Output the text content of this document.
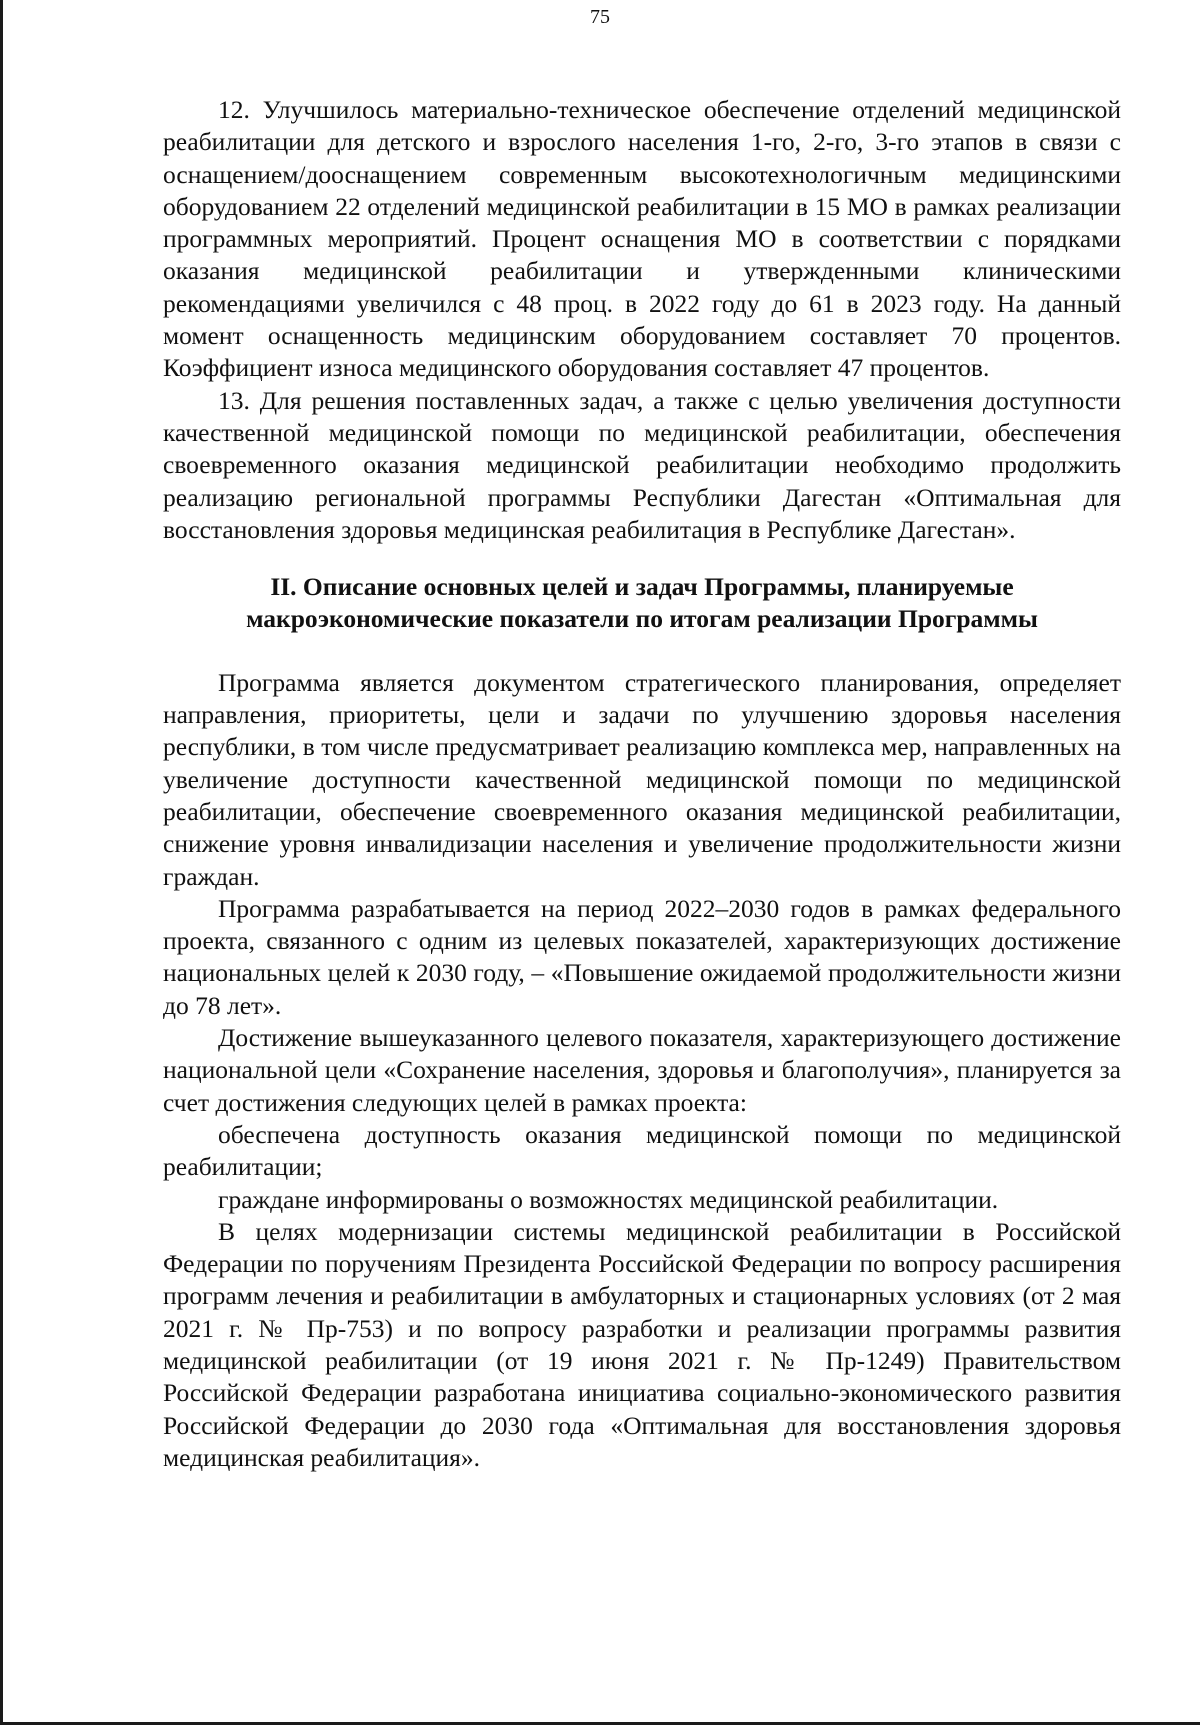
75

12. Улучшилось материально-техническое обеспечение отделений медицинской реабилитации для детского и взрослого населения 1-го, 2-го, 3-го этапов в связи с оснащением/дооснащением современным высокотехнологичным медицинскими оборудованием 22 отделений медицинской реабилитации в 15 МО в рамках реализации программных мероприятий. Процент оснащения МО в соответствии с порядками оказания медицинской реабилитации и утвержденными клиническими рекомендациями увеличился с 48 проц. в 2022 году до 61 в 2023 году. На данный момент оснащенность медицинским оборудованием составляет 70 процентов. Коэффициент износа медицинского оборудования составляет 47 процентов.

13. Для решения поставленных задач, а также с целью увеличения доступности качественной медицинской помощи по медицинской реабилитации, обеспечения своевременного оказания медицинской реабилитации необходимо продолжить реализацию региональной программы Республики Дагестан «Оптимальная для восстановления здоровья медицинская реабилитация в Республике Дагестан».

II. Описание основных целей и задач Программы, планируемые
макроэкономические показатели по итогам реализации Программы

Программа является документом стратегического планирования, определяет направления, приоритеты, цели и задачи по улучшению здоровья населения республики, в том числе предусматривает реализацию комплекса мер, направленных на увеличение доступности качественной медицинской помощи по медицинской реабилитации, обеспечение своевременного оказания медицинской реабилитации, снижение уровня инвалидизации населения и увеличение продолжительности жизни граждан.

Программа разрабатывается на период 2022–2030 годов в рамках федерального проекта, связанного с одним из целевых показателей, характеризующих достижение национальных целей к 2030 году, – «Повышение ожидаемой продолжительности жизни до 78 лет».

Достижение вышеуказанного целевого показателя, характеризующего достижение национальной цели «Сохранение населения, здоровья и благополучия», планируется за счет достижения следующих целей в рамках проекта:

обеспечена доступность оказания медицинской помощи по медицинской реабилитации;

граждане информированы о возможностях медицинской реабилитации.

В целях модернизации системы медицинской реабилитации в Российской Федерации по поручениям Президента Российской Федерации по вопросу расширения программ лечения и реабилитации в амбулаторных и стационарных условиях (от 2 мая 2021 г. № Пр-753) и по вопросу разработки и реализации программы развития медицинской реабилитации (от 19 июня 2021 г. № Пр-1249) Правительством Российской Федерации разработана инициатива социально-экономического развития Российской Федерации до 2030 года «Оптимальная для восстановления здоровья медицинская реабилитация».
